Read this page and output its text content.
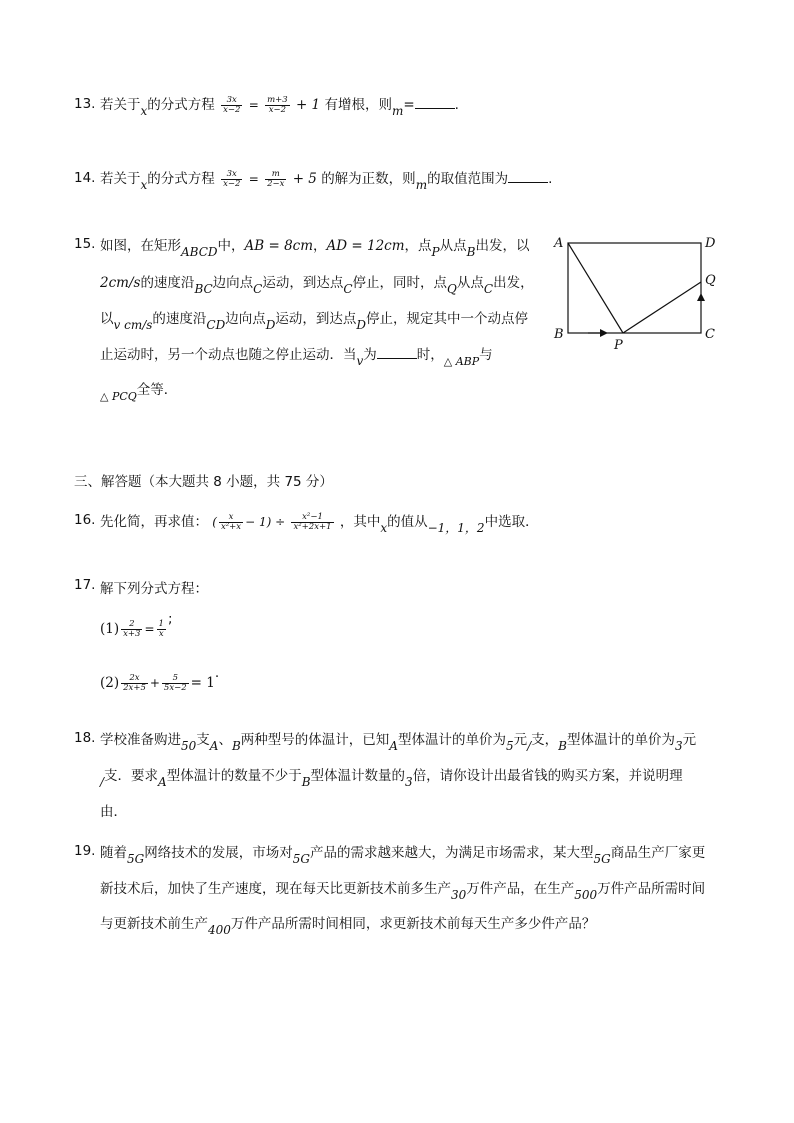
13. 若关于x的分式方程 $\frac{3x}{x-2} = \frac{m+3}{x-2} + 1$ 有增根，则m=	.
14. 若关于x的分式方程 $\frac{3x}{x-2} = \frac{m}{2-x} + 5$ 的解为正数，则m的取值范围为	.
15. 如图，在矩形ABCD中，AB = 8cm，AD = 12cm，点P从点B出发，以
2cm/s的速度沿BC边向点C运动，到达点C停止，同时，点Q从点C出发，
以v cm/s的速度沿CD边向点D运动，到达点D停止，规定其中一个动点停
止运动时，另一个动点也随之停止运动．当v为	时，$_{\triangle ABP}$与
$_{\triangle PCQ}$全等．
A	D
Q
B	C
P
三、解答题（本大题共 8 小题，共 75 分）
16. 先化简，再求值： ( $\frac{x}{\text{x²+x}} - 1) \div \frac{\text{x²−1}}{\text{x²+2x+1}}$ ，其中x的值从−1，1，2中选取．
17. 解下列分式方程：
$(1) \frac{2}{x+3} = \frac{1}{x}$
;
$(2) \frac{2x}{2x+5} + \frac{5}{5x-2} = 1$.
18. 学校准备购进50支A、B两种型号的体温计，已知A型体温计的单价为5元/支，B型体温计的单价为3元
/支．要求A型体温计的数量不少于B型体温计数量的3倍，请你设计出最省钱的购买方案，并说明理
由．
19. 随着5G网络技术的发展，市场对5G产品的需求越来越大，为满足市场需求，某大型5G商品生产厂家更
新技术后，加快了生产速度，现在每天比更新技术前多生产30万件产品，在生产500万件产品所需时间
与更新技术前生产400万件产品所需时间相同，求更新技术前每天生产多少件产品？
